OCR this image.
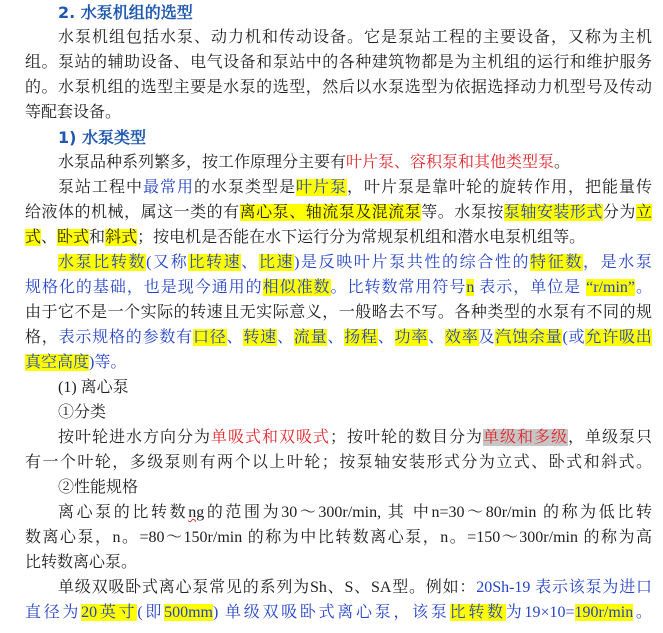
2. 水泵机组的选型
水泵机组包括水泵、动力机和传动设备。它是泵站工程的主要设备，又称为主机
组。泵站的辅助设备、电气设备和泵站中的各种建筑物都是为主机组的运行和维护服务
的。水泵机组的选型主要是水泵的选型，然后以水泵选型为依据选择动力机型号及传动
等配套设备。
1) 水泵类型
水泵品种系列繁多，按工作原理分主要有叶片泵、容积泵和其他类型泵。
泵站工程中最常用的水泵类型是叶片泵，叶片泵是靠叶轮的旋转作用，把能量传
给液体的机械，属这一类的有离心泵、轴流泵及混流泵等。水泵按泵轴安装形式分为立
式、卧式和斜式；按电机是否能在水下运行分为常规泵机组和潜水电泵机组等。
水泵比转数(又称比转速、比速)是反映叶片泵共性的综合性的特征数，是水泵
规格化的基础，也是现今通用的相似准数。比转数常用符号n 表示，单位是 “r/min”。
由于它不是一个实际的转速且无实际意义，一般略去不写。各种类型的水泵有不同的规
格，表示规格的参数有口径、转速、流量、扬程、功率、效率及汽蚀余量(或允许吸出
真空高度)等。
(1) 离心泵
①分类
按叶轮进水方向分为单吸式和双吸式；按叶轮的数目分为单级和多级，单级泵只
有一个叶轮，多级泵则有两个以上叶轮；按泵轴安装形式分为立式、卧式和斜式。
②性能规格
离心泵的比转数ng的范围为30～300r/min, 其 中n=30～80r/min 的称为低比转
数离心泵，n。=80～150r/min 的称为中比转数离心泵，n。=150～300r/min 的称为高
比转数离心泵。
单级双吸卧式离心泵常见的系列为Sh、S、SA型。例如：20Sh-19 表示该泵为进口
直径为20英寸(即500mm) 单级双吸卧式离心泵，该泵比转数为19×10=190r/min。
